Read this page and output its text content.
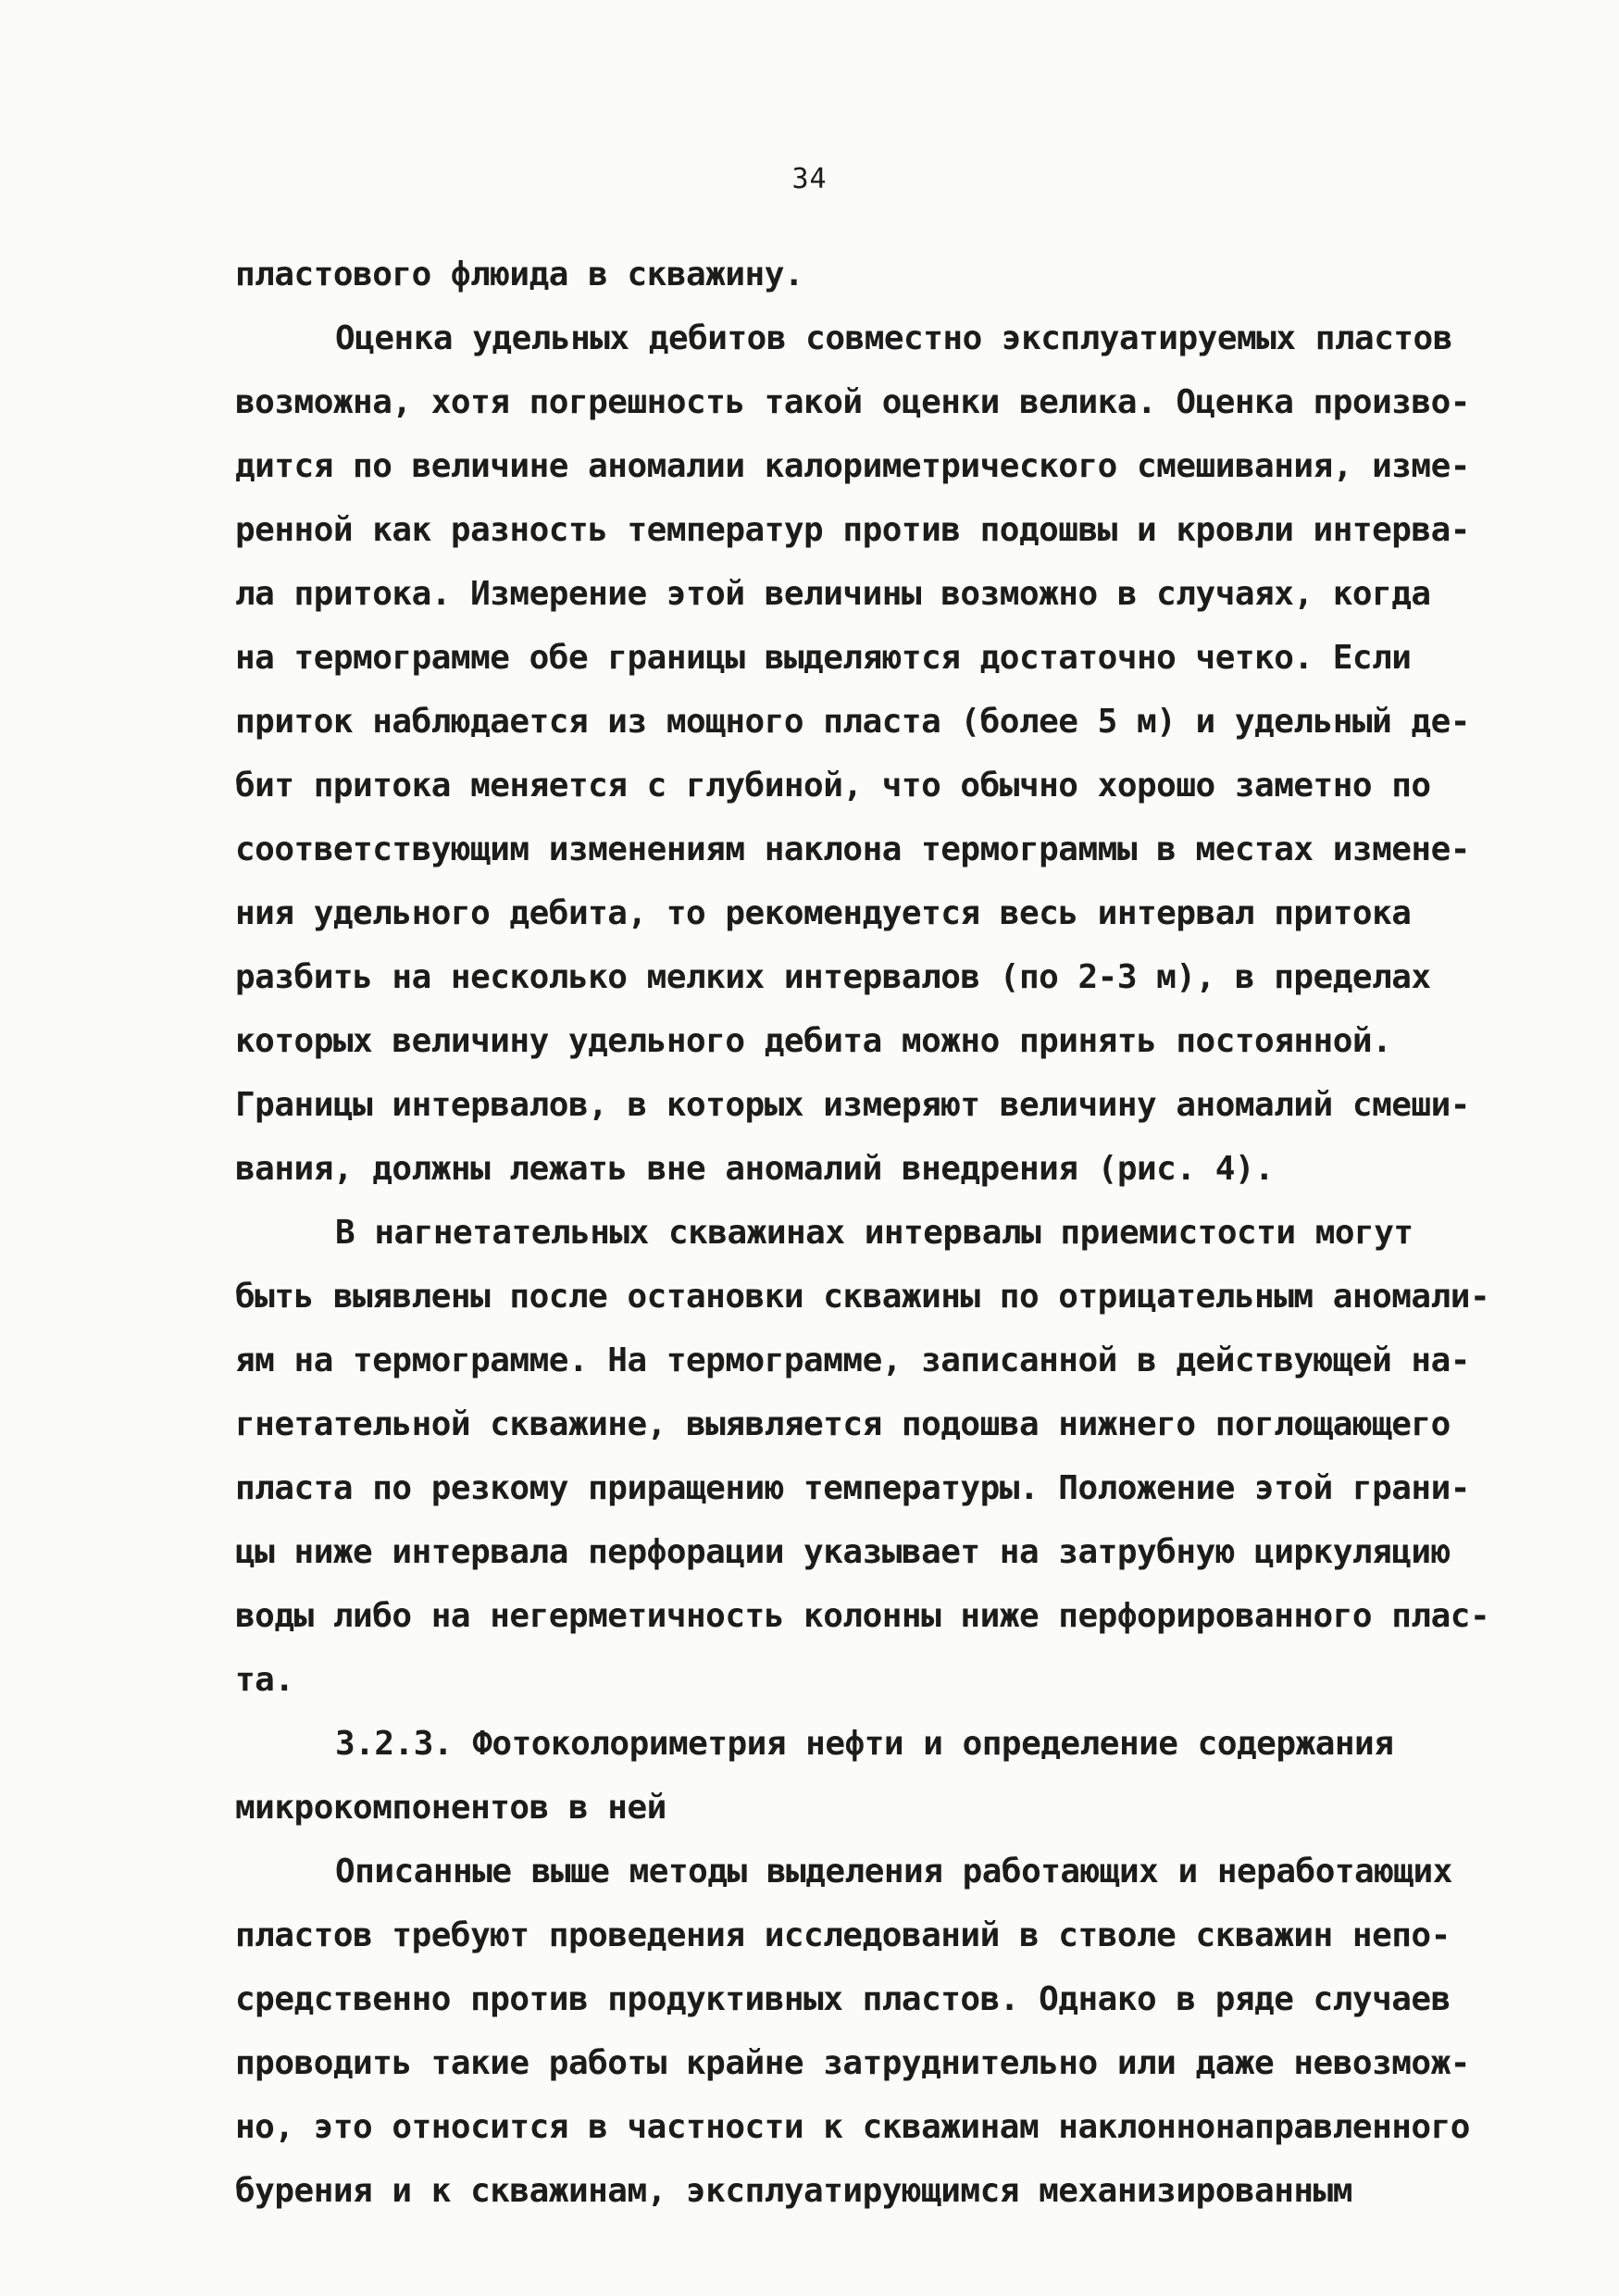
34
пластового флюида в скважину.
Оценка удельных дебитов совместно эксплуатируемых пластов
возможна, хотя погрешность такой оценки велика. Оценка произво-
дится по величине аномалии калориметрического смешивания, изме-
ренной как разность температур против подошвы и кровли интерва-
ла притока. Измерение этой величины возможно в случаях, когда
на термограмме обе границы выделяются достаточно четко. Если
приток наблюдается из мощного пласта (более 5 м) и удельный де-
бит притока меняется с глубиной, что обычно хорошо заметно по
соответствующим изменениям наклона термограммы в местах измене-
ния удельного дебита, то рекомендуется весь интервал притока
разбить на несколько мелких интервалов (по 2-3 м), в пределах
которых величину удельного дебита можно принять постоянной.
Границы интервалов, в которых измеряют величину аномалий смеши-
вания, должны лежать вне аномалий внедрения (рис. 4).
В нагнетательных скважинах интервалы приемистости могут
быть выявлены после остановки скважины по отрицательным аномали-
ям на термограмме. На термограмме, записанной в действующей на-
гнетательной скважине, выявляется подошва нижнего поглощающего
пласта по резкому приращению температуры. Положение этой грани-
цы ниже интервала перфорации указывает на затрубную циркуляцию
воды либо на негерметичность колонны ниже перфорированного плас-
та.
3.2.3. Фотоколориметрия нефти и определение содержания
микрокомпонентов в ней
Описанные выше методы выделения работающих и неработающих
пластов требуют проведения исследований в стволе скважин непо-
средственно против продуктивных пластов. Однако в ряде случаев
проводить такие работы крайне затруднительно или даже невозмож-
но, это относится в частности к скважинам наклоннонаправленного
бурения и к скважинам, эксплуатирующимся механизированным
